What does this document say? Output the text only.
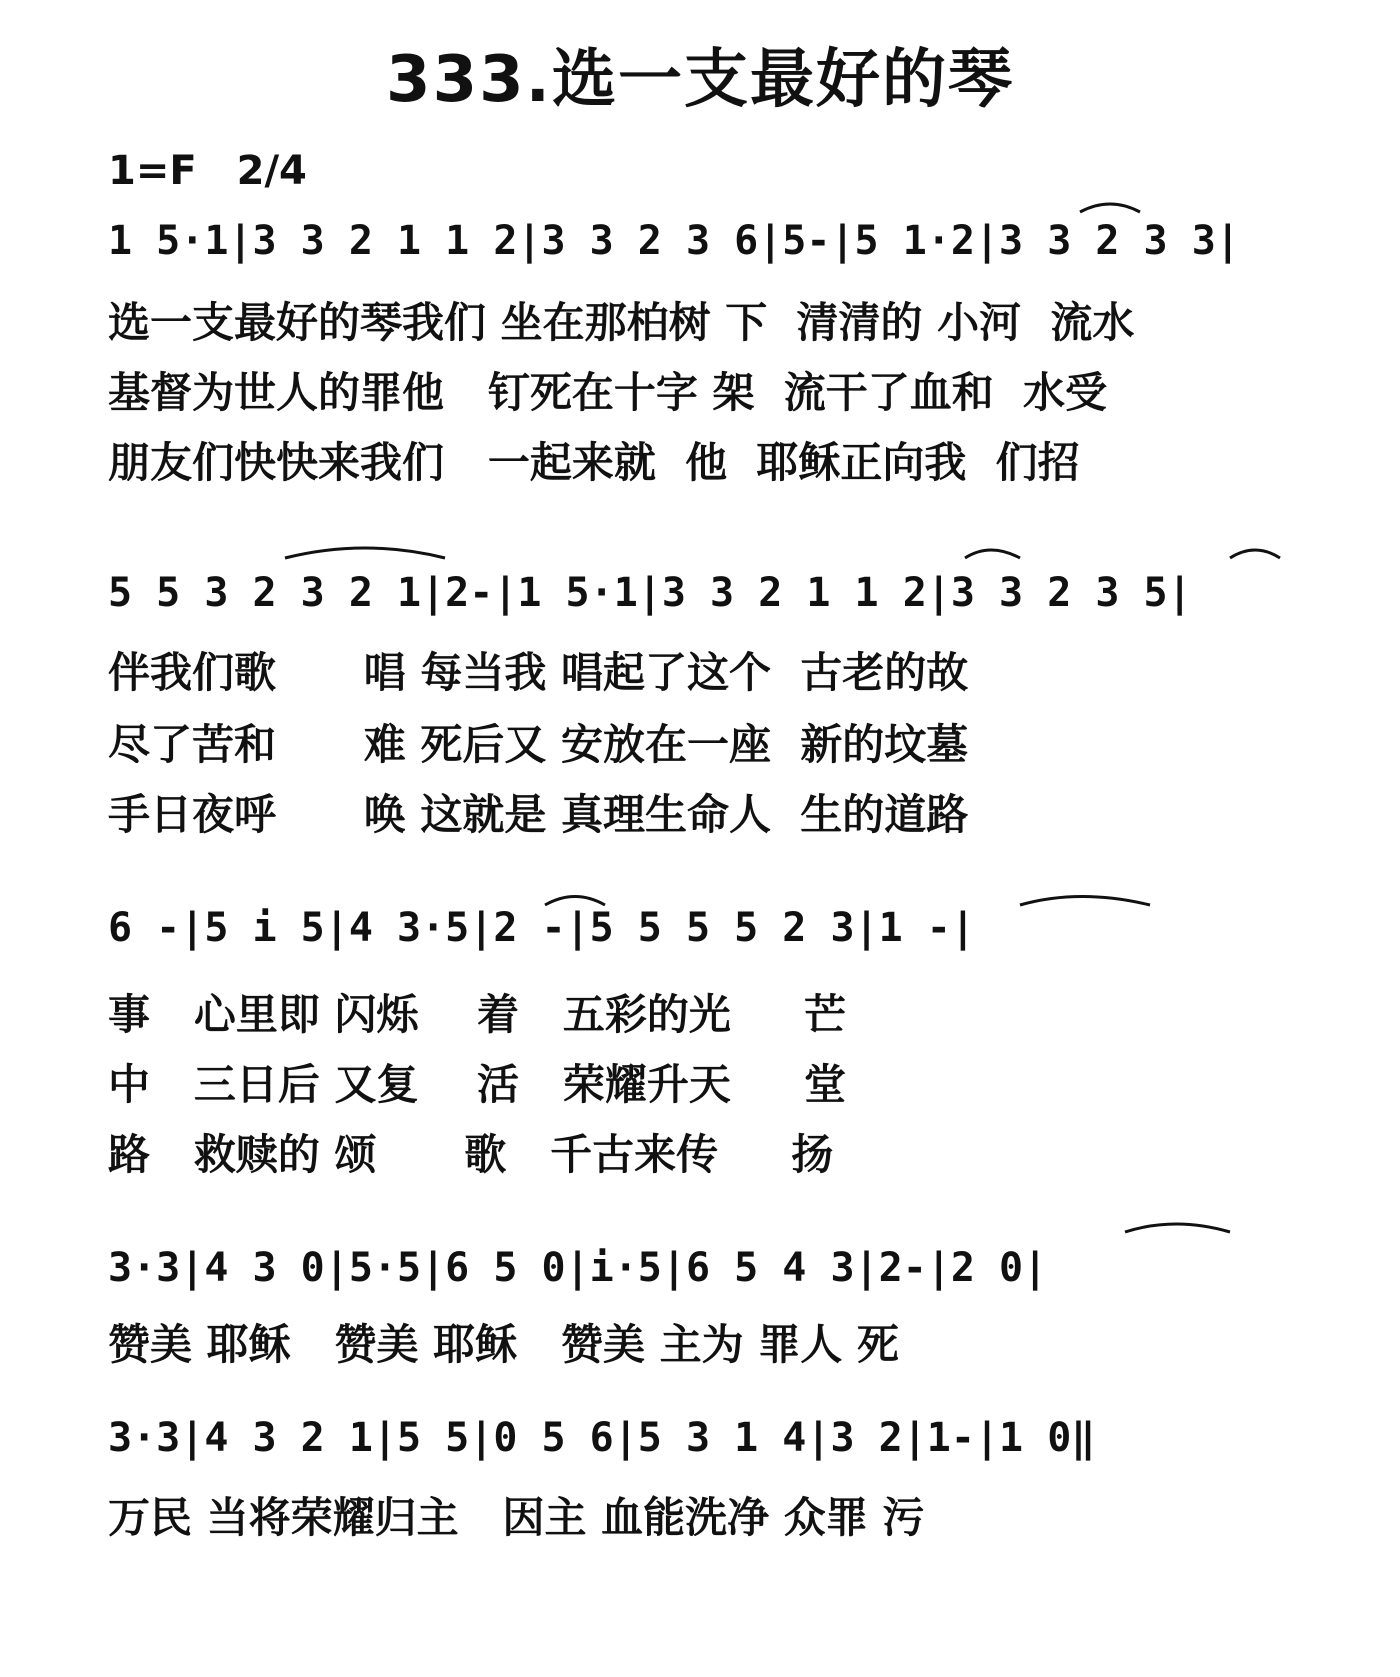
333.选一支最好的琴
1=F 2/4
1 5·1|3 3 2 1 1 2|3 3 2 3 6|5-|5 1·2|3 3 2 3 3|
选一支最好的琴我们 坐在那柏树 下  清清的 小河  流水
基督为世人的罪他   钉死在十字 架  流干了血和  水受
朋友们快快来我们   一起来就  他  耶稣正向我  们招
5 5 3 2 3 2 1|2-|1 5·1|3 3 2 1 1 2|3 3 2 3 5|
伴我们歌      唱 每当我 唱起了这个  古老的故
尽了苦和      难 死后又 安放在一座  新的坟墓
手日夜呼      唤 这就是 真理生命人  生的道路
6 -|5 i 5|4 3·5|2 -|5 5 5 5 2 3|1 -|
事   心里即 闪烁    着   五彩的光     芒
中   三日后 又复    活   荣耀升天     堂
路   救赎的 颂      歌   千古来传     扬
3·3|4 3 0|5·5|6 5 0|i·5|6 5 4 3|2-|2 0|
赞美 耶稣   赞美 耶稣   赞美 主为 罪人 死
3·3|4 3 2 1|5 5|0 5 6|5 3 1 4|3 2|1-|1 0‖
万民 当将荣耀归主   因主 血能洗净 众罪 污
